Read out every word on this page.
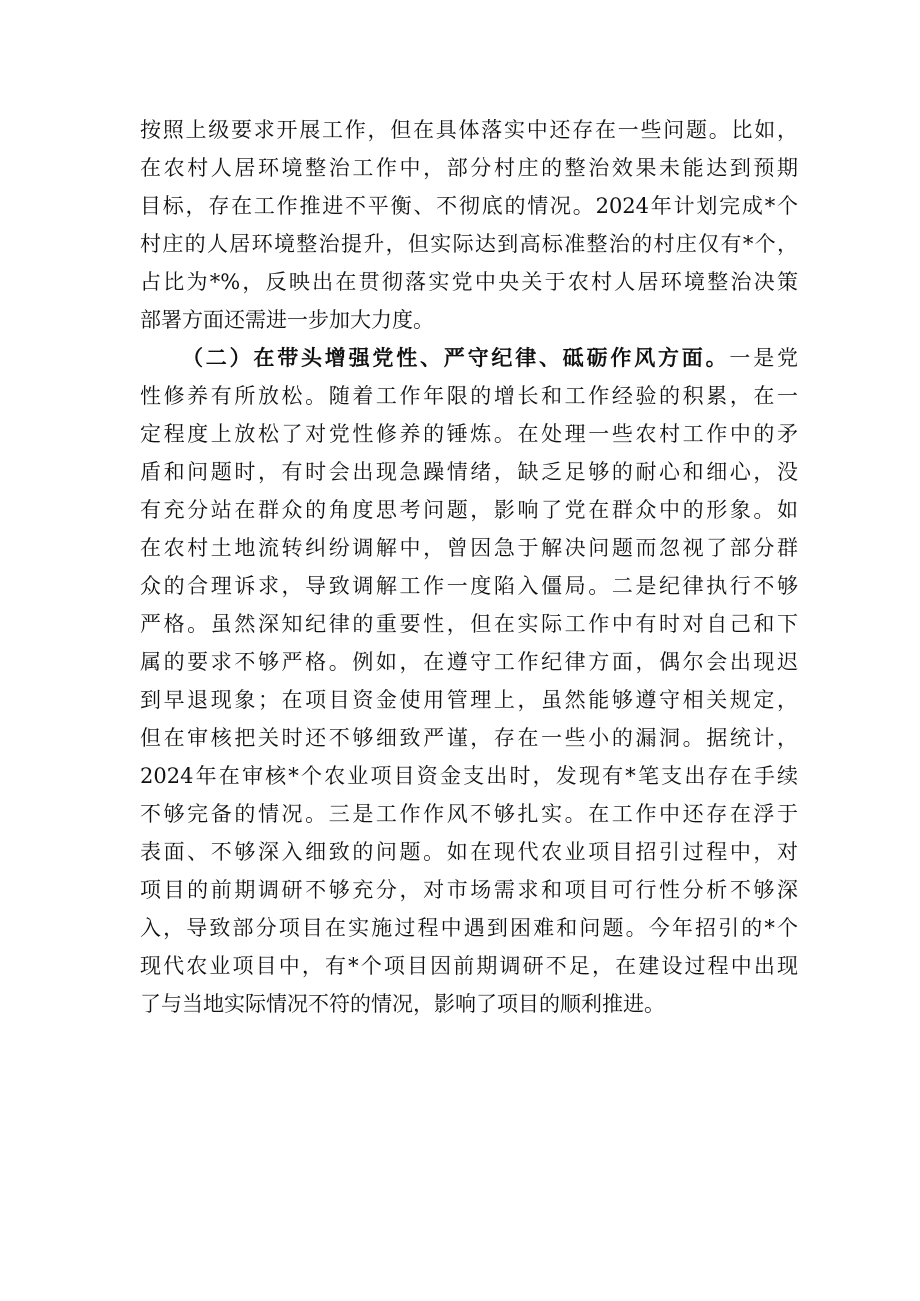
按照上级要求开展工作，但在具体落实中还存在一些问题。比如，
在农村人居环境整治工作中，部分村庄的整治效果未能达到预期
目标，存在工作推进不平衡、不彻底的情况。2024年计划完成*个
村庄的人居环境整治提升，但实际达到高标准整治的村庄仅有*个，
占比为*%，反映出在贯彻落实党中央关于农村人居环境整治决策
部署方面还需进一步加大力度。
（二）在带头增强党性、严守纪律、砥砺作风方面。一是党
性修养有所放松。随着工作年限的增长和工作经验的积累，在一
定程度上放松了对党性修养的锤炼。在处理一些农村工作中的矛
盾和问题时，有时会出现急躁情绪，缺乏足够的耐心和细心，没
有充分站在群众的角度思考问题，影响了党在群众中的形象。如
在农村土地流转纠纷调解中，曾因急于解决问题而忽视了部分群
众的合理诉求，导致调解工作一度陷入僵局。二是纪律执行不够
严格。虽然深知纪律的重要性，但在实际工作中有时对自己和下
属的要求不够严格。例如，在遵守工作纪律方面，偶尔会出现迟
到早退现象；在项目资金使用管理上，虽然能够遵守相关规定，
但在审核把关时还不够细致严谨，存在一些小的漏洞。据统计，
2024年在审核*个农业项目资金支出时，发现有*笔支出存在手续
不够完备的情况。三是工作作风不够扎实。在工作中还存在浮于
表面、不够深入细致的问题。如在现代农业项目招引过程中，对
项目的前期调研不够充分，对市场需求和项目可行性分析不够深
入，导致部分项目在实施过程中遇到困难和问题。今年招引的*个
现代农业项目中，有*个项目因前期调研不足，在建设过程中出现
了与当地实际情况不符的情况，影响了项目的顺利推进。
